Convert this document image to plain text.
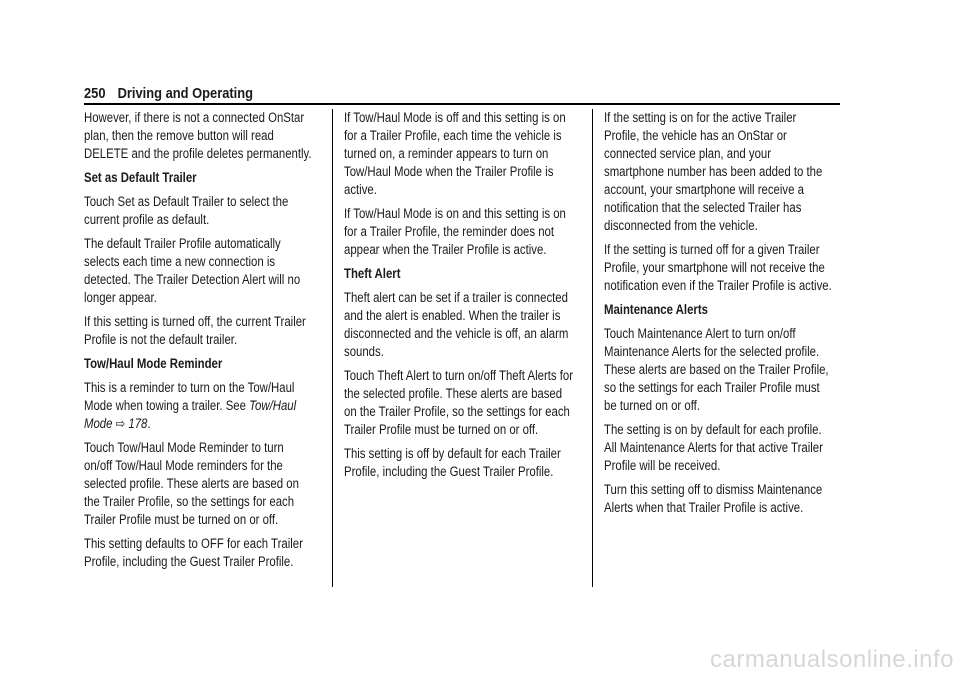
250 Driving and Operating

However, if there is not a connected OnStar plan, then the remove button will read DELETE and the profile deletes permanently.

Set as Default Trailer

Touch Set as Default Trailer to select the current profile as default.

The default Trailer Profile automatically selects each time a new connection is detected. The Trailer Detection Alert will no longer appear.

If this setting is turned off, the current Trailer Profile is not the default trailer.

Tow/Haul Mode Reminder

This is a reminder to turn on the Tow/Haul Mode when towing a trailer. See Tow/Haul Mode ⇨ 178.

Touch Tow/Haul Mode Reminder to turn on/off Tow/Haul Mode reminders for the selected profile. These alerts are based on the Trailer Profile, so the settings for each Trailer Profile must be turned on or off.

This setting defaults to OFF for each Trailer Profile, including the Guest Trailer Profile.

If Tow/Haul Mode is off and this setting is on for a Trailer Profile, each time the vehicle is turned on, a reminder appears to turn on Tow/Haul Mode when the Trailer Profile is active.

If Tow/Haul Mode is on and this setting is on for a Trailer Profile, the reminder does not appear when the Trailer Profile is active.

Theft Alert

Theft alert can be set if a trailer is connected and the alert is enabled. When the trailer is disconnected and the vehicle is off, an alarm sounds.

Touch Theft Alert to turn on/off Theft Alerts for the selected profile. These alerts are based on the Trailer Profile, so the settings for each Trailer Profile must be turned on or off.

This setting is off by default for each Trailer Profile, including the Guest Trailer Profile.

If the setting is on for the active Trailer Profile, the vehicle has an OnStar or connected service plan, and your smartphone number has been added to the account, your smartphone will receive a notification that the selected Trailer has disconnected from the vehicle.

If the setting is turned off for a given Trailer Profile, your smartphone will not receive the notification even if the Trailer Profile is active.

Maintenance Alerts

Touch Maintenance Alert to turn on/off Maintenance Alerts for the selected profile. These alerts are based on the Trailer Profile, so the settings for each Trailer Profile must be turned on or off.

The setting is on by default for each profile. All Maintenance Alerts for that active Trailer Profile will be received.

Turn this setting off to dismiss Maintenance Alerts when that Trailer Profile is active.

carmanualsonline.info
